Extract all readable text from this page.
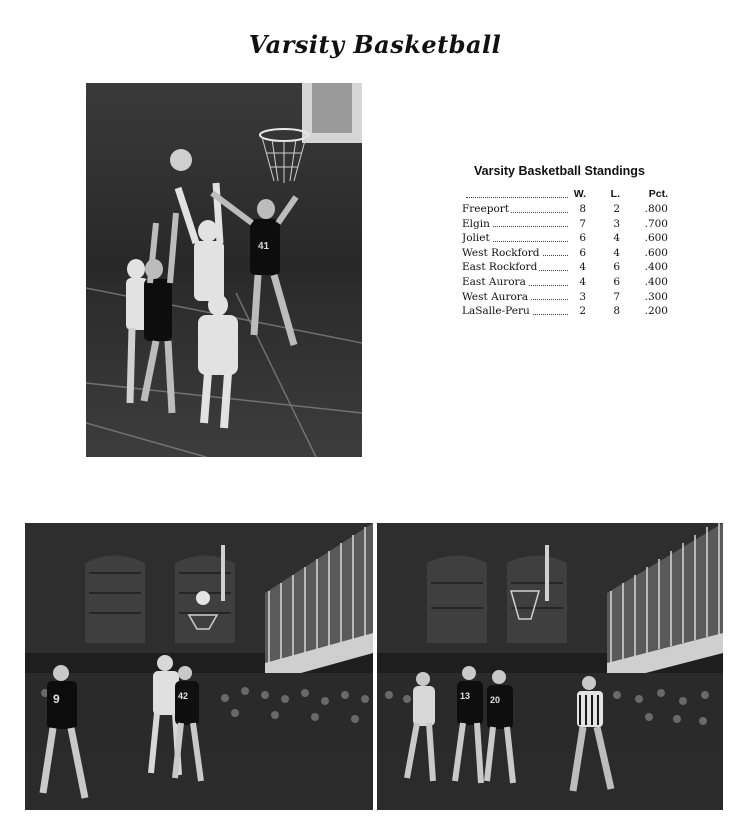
Varsity Basketball
41
Varsity Basketball Standings
	W.	L.	Pct.
Freeport	8	2	.800
Elgin	7	3	.700
Joliet	6	4	.600
West Rockford	6	4	.600
East Rockford	4	6	.400
East Aurora	4	6	.400
West Aurora	3	7	.300
LaSalle-Peru	2	8	.200
9	42	13 20
